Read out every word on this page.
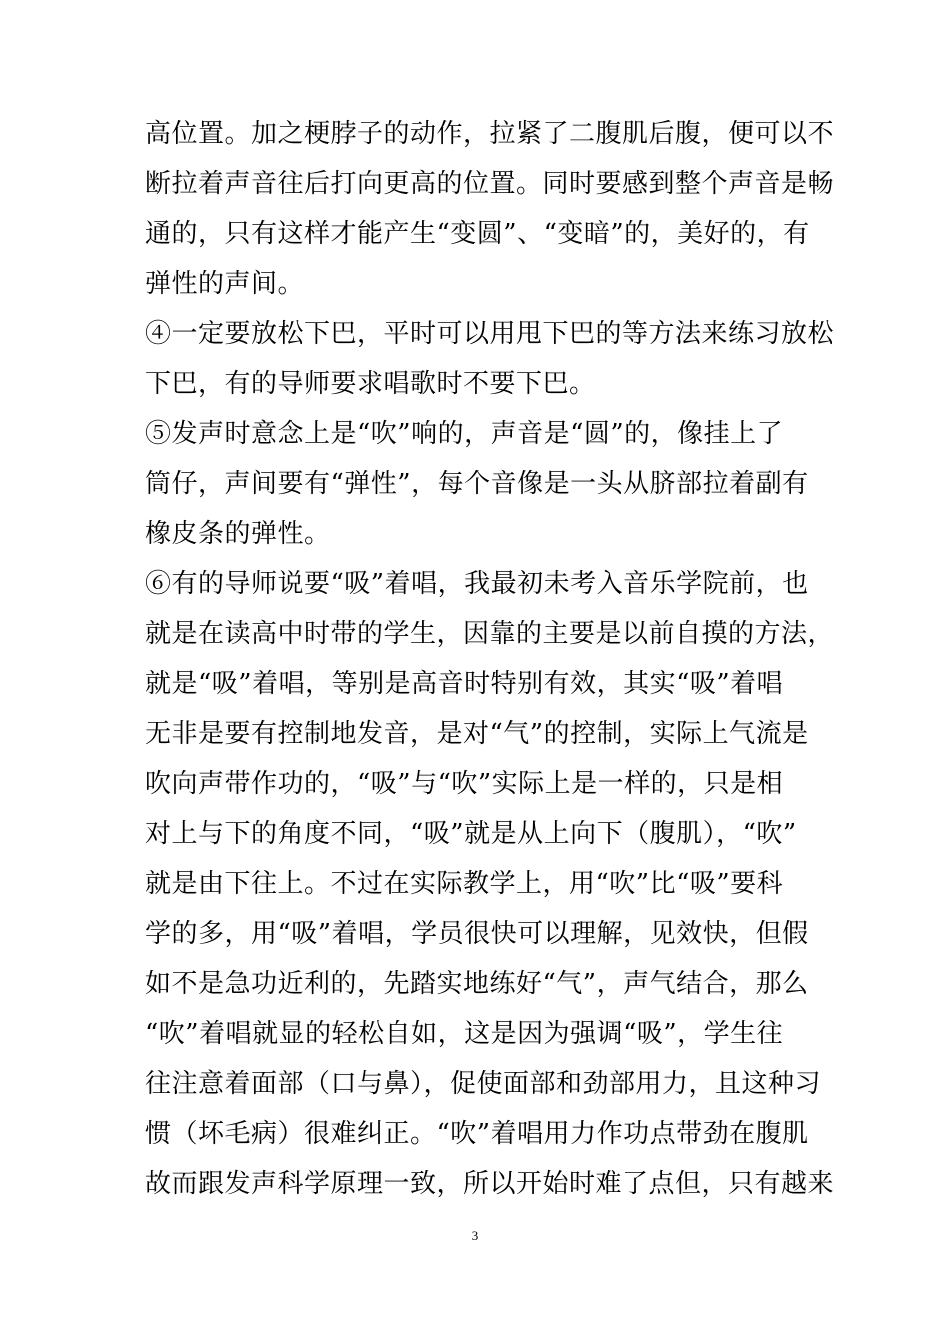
高位置。加之梗脖子的动作，拉紧了二腹肌后腹，便可以不
断拉着声音往后打向更高的位置。同时要感到整个声音是畅
通的，只有这样才能产生“变圆”、“变暗”的，美好的，有
弹性的声间。
④一定要放松下巴，平时可以用甩下巴的等方法来练习放松
下巴，有的导师要求唱歌时不要下巴。
⑤发声时意念上是“吹”响的，声音是“圆”的，像挂上了
筒仔，声间要有“弹性”，每个音像是一头从脐部拉着副有
橡皮条的弹性。
⑥有的导师说要“吸”着唱，我最初未考入音乐学院前，也
就是在读高中时带的学生，因靠的主要是以前自摸的方法，
就是“吸”着唱，等别是高音时特别有效，其实“吸”着唱
无非是要有控制地发音，是对“气”的控制，实际上气流是
吹向声带作功的，“吸”与“吹”实际上是一样的，只是相
对上与下的角度不同，“吸”就是从上向下（腹肌），“吹”
就是由下往上。不过在实际教学上，用“吹”比“吸”要科
学的多，用“吸”着唱，学员很快可以理解，见效快，但假
如不是急功近利的，先踏实地练好“气”，声气结合，那么
“吹”着唱就显的轻松自如，这是因为强调“吸”，学生往
往注意着面部（口与鼻），促使面部和劲部用力，且这种习
惯（坏毛病）很难纠正。“吹”着唱用力作功点带劲在腹肌
故而跟发声科学原理一致，所以开始时难了点但，只有越来
3
